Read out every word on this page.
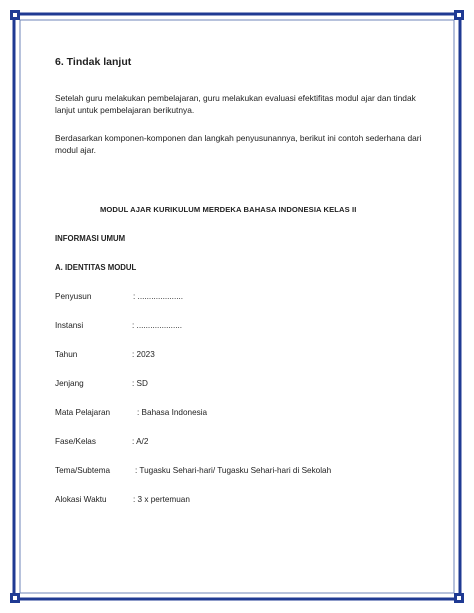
6. Tindak lanjut
Setelah guru melakukan pembelajaran, guru melakukan evaluasi efektifitas modul ajar dan tindak lanjut untuk pembelajaran berikutnya.
Berdasarkan komponen-komponen dan langkah penyusunannya, berikut ini contoh sederhana dari modul ajar.
MODUL AJAR KURIKULUM MERDEKA BAHASA INDONESIA KELAS II
INFORMASI UMUM
A. IDENTITAS MODUL
Penyusun	: ....................
Instansi	: ....................
Tahun	: 2023
Jenjang	: SD
Mata Pelajaran	: Bahasa Indonesia
Fase/Kelas	: A/2
Tema/Subtema	: Tugasku Sehari-hari/ Tugasku Sehari-hari di Sekolah
Alokasi Waktu	: 3 x pertemuan
